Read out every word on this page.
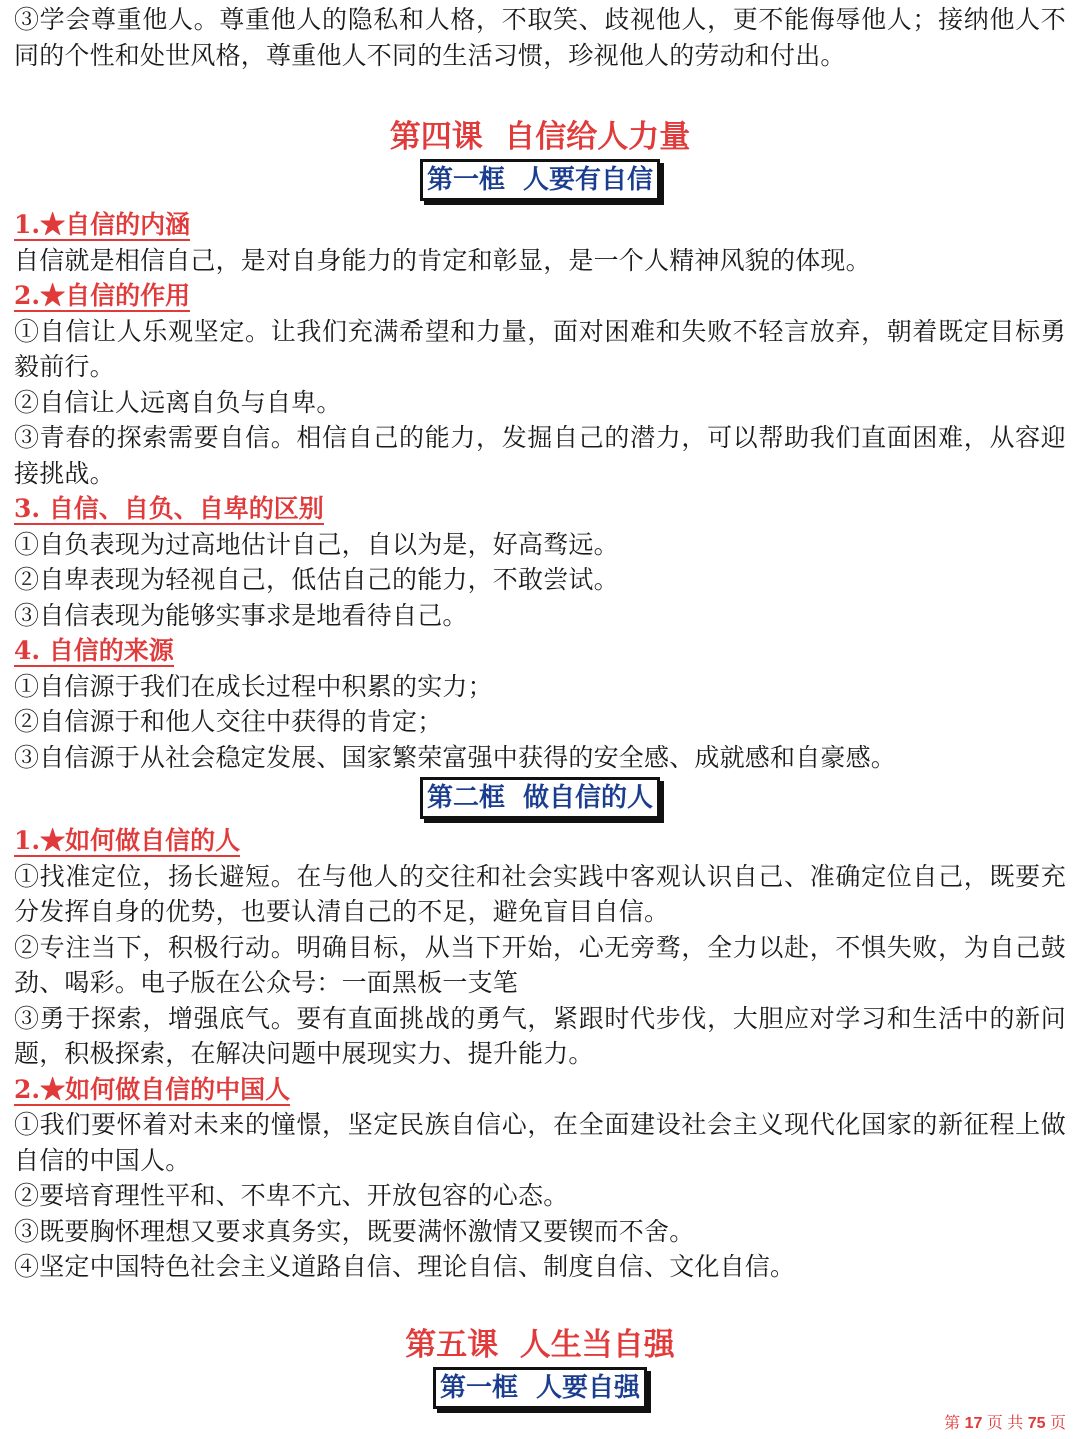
③学会尊重他人。尊重他人的隐私和人格，不取笑、歧视他人，更不能侮辱他人；接纳他人不同的个性和处世风格，尊重他人不同的生活习惯，珍视他人的劳动和付出。

第四课  自信给人力量
第一框  人要有自信
1.★自信的内涵

自信就是相信自己，是对自身能力的肯定和彰显，是一个人精神风貌的体现。

2.★自信的作用

①自信让人乐观坚定。让我们充满希望和力量，面对困难和失败不轻言放弃，朝着既定目标勇毅前行。

②自信让人远离自负与自卑。

③青春的探索需要自信。相信自己的能力，发掘自己的潜力，可以帮助我们直面困难，从容迎接挑战。

3. 自信、自负、自卑的区别

①自负表现为过高地估计自己，自以为是，好高骛远。

②自卑表现为轻视自己，低估自己的能力，不敢尝试。

③自信表现为能够实事求是地看待自己。

4. 自信的来源

①自信源于我们在成长过程中积累的实力；

②自信源于和他人交往中获得的肯定；

③自信源于从社会稳定发展、国家繁荣富强中获得的安全感、成就感和自豪感。

第二框  做自信的人
1.★如何做自信的人

①找准定位，扬长避短。在与他人的交往和社会实践中客观认识自己、准确定位自己，既要充分发挥自身的优势，也要认清自己的不足，避免盲目自信。

②专注当下，积极行动。明确目标，从当下开始，心无旁骛，全力以赴，不惧失败，为自己鼓劲、喝彩。电子版在公众号：一面黑板一支笔

③勇于探索，增强底气。要有直面挑战的勇气，紧跟时代步伐，大胆应对学习和生活中的新问题，积极探索，在解决问题中展现实力、提升能力。

2.★如何做自信的中国人

①我们要怀着对未来的憧憬，坚定民族自信心，在全面建设社会主义现代化国家的新征程上做自信的中国人。

②要培育理性平和、不卑不亢、开放包容的心态。

③既要胸怀理想又要求真务实，既要满怀激情又要锲而不舍。

④坚定中国特色社会主义道路自信、理论自信、制度自信、文化自信。

第五课  人生当自强
第一框  人要自强
第 17 页 共 75 页
